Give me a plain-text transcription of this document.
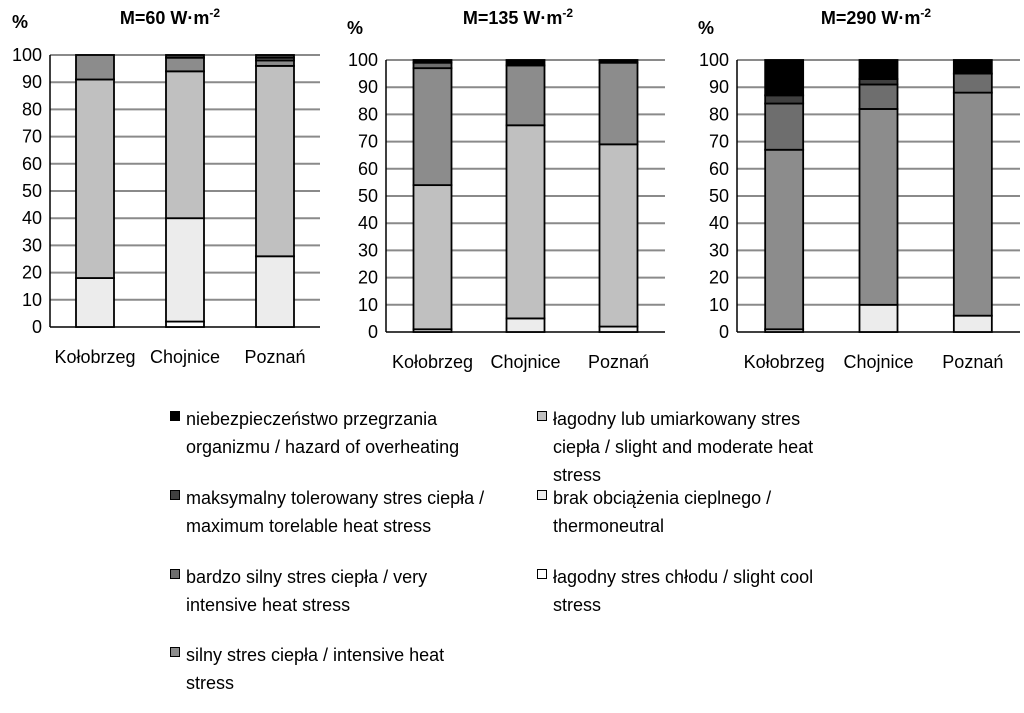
0
10
20
30
40
50
60
70
80
90
100
M=60 $W\cdot m^{-2}$
%
Kołobrzeg Chojnice Poznań
0
10
20
30
40
50
60
70
80
90
100
M=135 $W\cdot m^{-2}$
%
Kołobrzeg Chojnice Poznań
0
10
20
30
40
50
60
70
80
90
100
M=290 $W\cdot m^{-2}$
%
Kołobrzeg Chojnice Poznań
niebezpieczeństwo przegrzania organizmu / hazard of overheating
maksymalny tolerowany stres ciepła / maximum torelable heat stress
bardzo silny stres ciepła / very intensive heat stress
silny stres ciepła / intensive heat stress
łagodny lub umiarkowany stres ciepła / slight and moderate heat stress
brak obciążenia cieplnego / thermoneutral
łagodny stres chłodu / slight cool stress
